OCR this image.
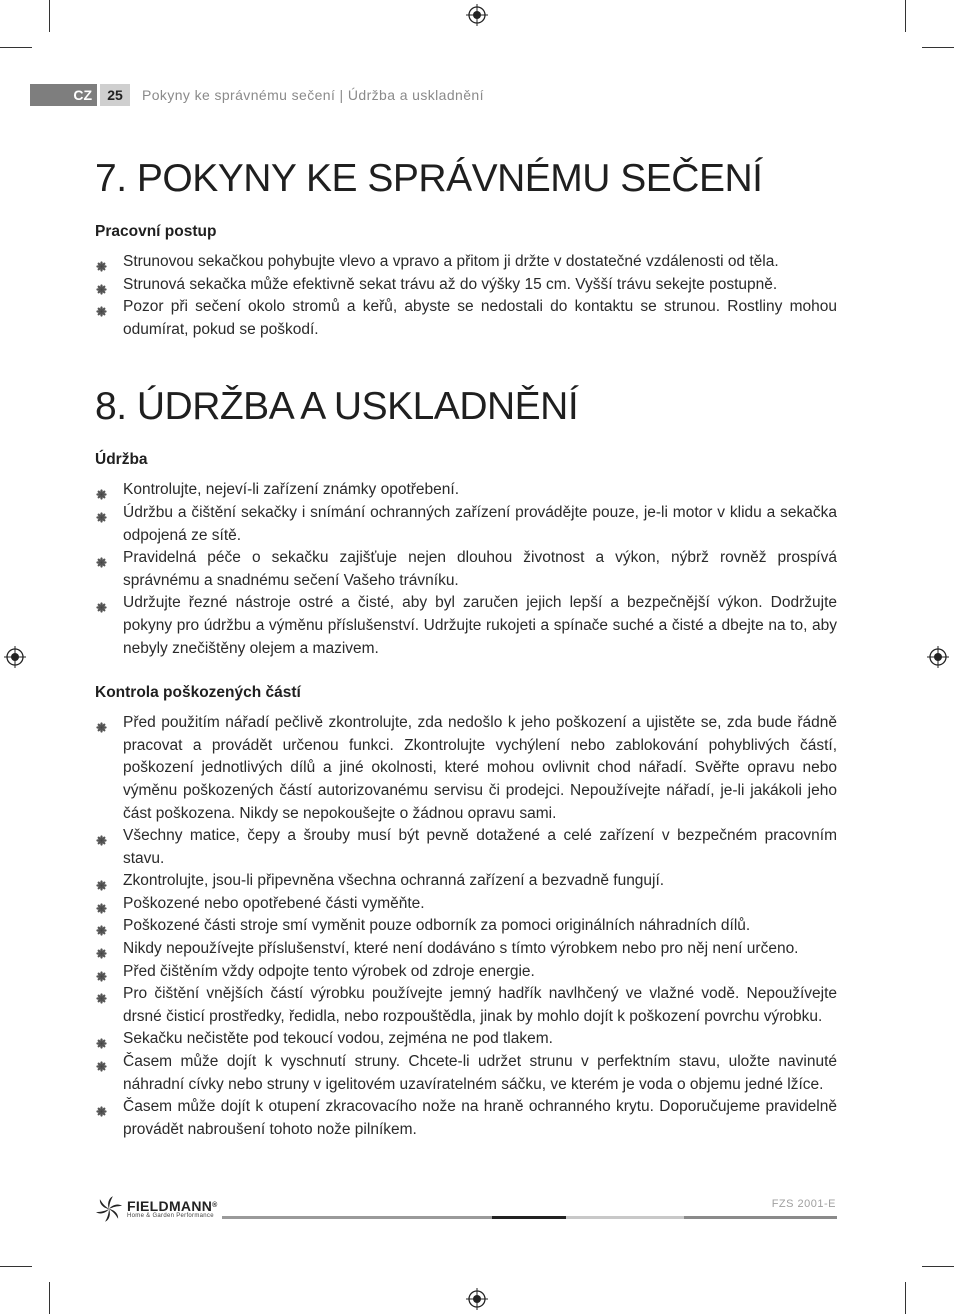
CZ	25	Pokyny ke správnému sečení | Údržba a uskladnění
7. POKYNY KE SPRÁVNÉMU SEČENÍ
Pracovní postup
Strunovou sekačkou pohybujte vlevo a vpravo a přitom ji držte v dostatečné vzdálenosti od těla.
Strunová sekačka může efektivně sekat trávu až do výšky 15 cm. Vyšší trávu sekejte postupně.
Pozor při sečení okolo stromů a keřů, abyste se nedostali do kontaktu se strunou. Rostliny mohou odumírat, pokud se poškodí.
8. ÚDRŽBA A USKLADNĚNÍ
Údržba
Kontrolujte, nejeví-li zařízení známky opotřebení.
Údržbu a čištění sekačky i snímání ochranných zařízení provádějte pouze, je-li motor v klidu a sekačka odpojená ze sítě.
Pravidelná péče o sekačku zajišťuje nejen dlouhou životnost a výkon, nýbrž rovněž prospívá správnému a snadnému sečení Vašeho trávníku.
Udržujte řezné nástroje ostré a čisté, aby byl zaručen jejich lepší a bezpečnější výkon. Dodržujte pokyny pro údržbu a výměnu příslušenství. Udržujte rukojeti a spínače suché a čisté a dbejte na to, aby nebyly znečištěny olejem a mazivem.
Kontrola poškozených částí
Před použitím nářadí pečlivě zkontrolujte, zda nedošlo k jeho poškození a ujistěte se, zda bude řádně pracovat a provádět určenou funkci. Zkontrolujte vychýlení nebo zablokování pohyblivých částí, poškození jednotlivých dílů a jiné okolnosti, které mohou ovlivnit chod nářadí. Svěřte opravu nebo výměnu poškozených částí autorizovanému servisu či prodejci. Nepoužívejte nářadí, je-li jakákoli jeho část poškozena. Nikdy se nepokoušejte o žádnou opravu sami.
Všechny matice, čepy a šrouby musí být pevně dotažené a celé zařízení v bezpečném pracovním stavu.
Zkontrolujte, jsou-li připevněna všechna ochranná zařízení a bezvadně fungují.
Poškozené nebo opotřebené části vyměňte.
Poškozené části stroje smí vyměnit pouze odborník za pomoci originálních náhradních dílů.
Nikdy nepoužívejte příslušenství, které není dodáváno s tímto výrobkem nebo pro něj není určeno.
Před čištěním vždy odpojte tento výrobek od zdroje energie.
Pro čištění vnějších částí výrobku používejte jemný hadřík navlhčený ve vlažné vodě. Nepoužívejte drsné čisticí prostředky, ředidla, nebo rozpouštědla, jinak by mohlo dojít k poškození povrchu výrobku.
Sekačku nečistěte pod tekoucí vodou, zejména ne pod tlakem.
Časem může dojít k vyschnutí struny. Chcete-li udržet strunu v perfektním stavu, uložte navinuté náhradní cívky nebo struny v igelitovém uzavíratelném sáčku, ve kterém je voda o objemu jedné lžíce.
Časem může dojít k otupení zkracovacího nože na hraně ochranného krytu. Doporučujeme pravidelně provádět nabroušení tohoto nože pilníkem.
FIELDMANN®
Home & Garden Performance
FZS 2001-E
